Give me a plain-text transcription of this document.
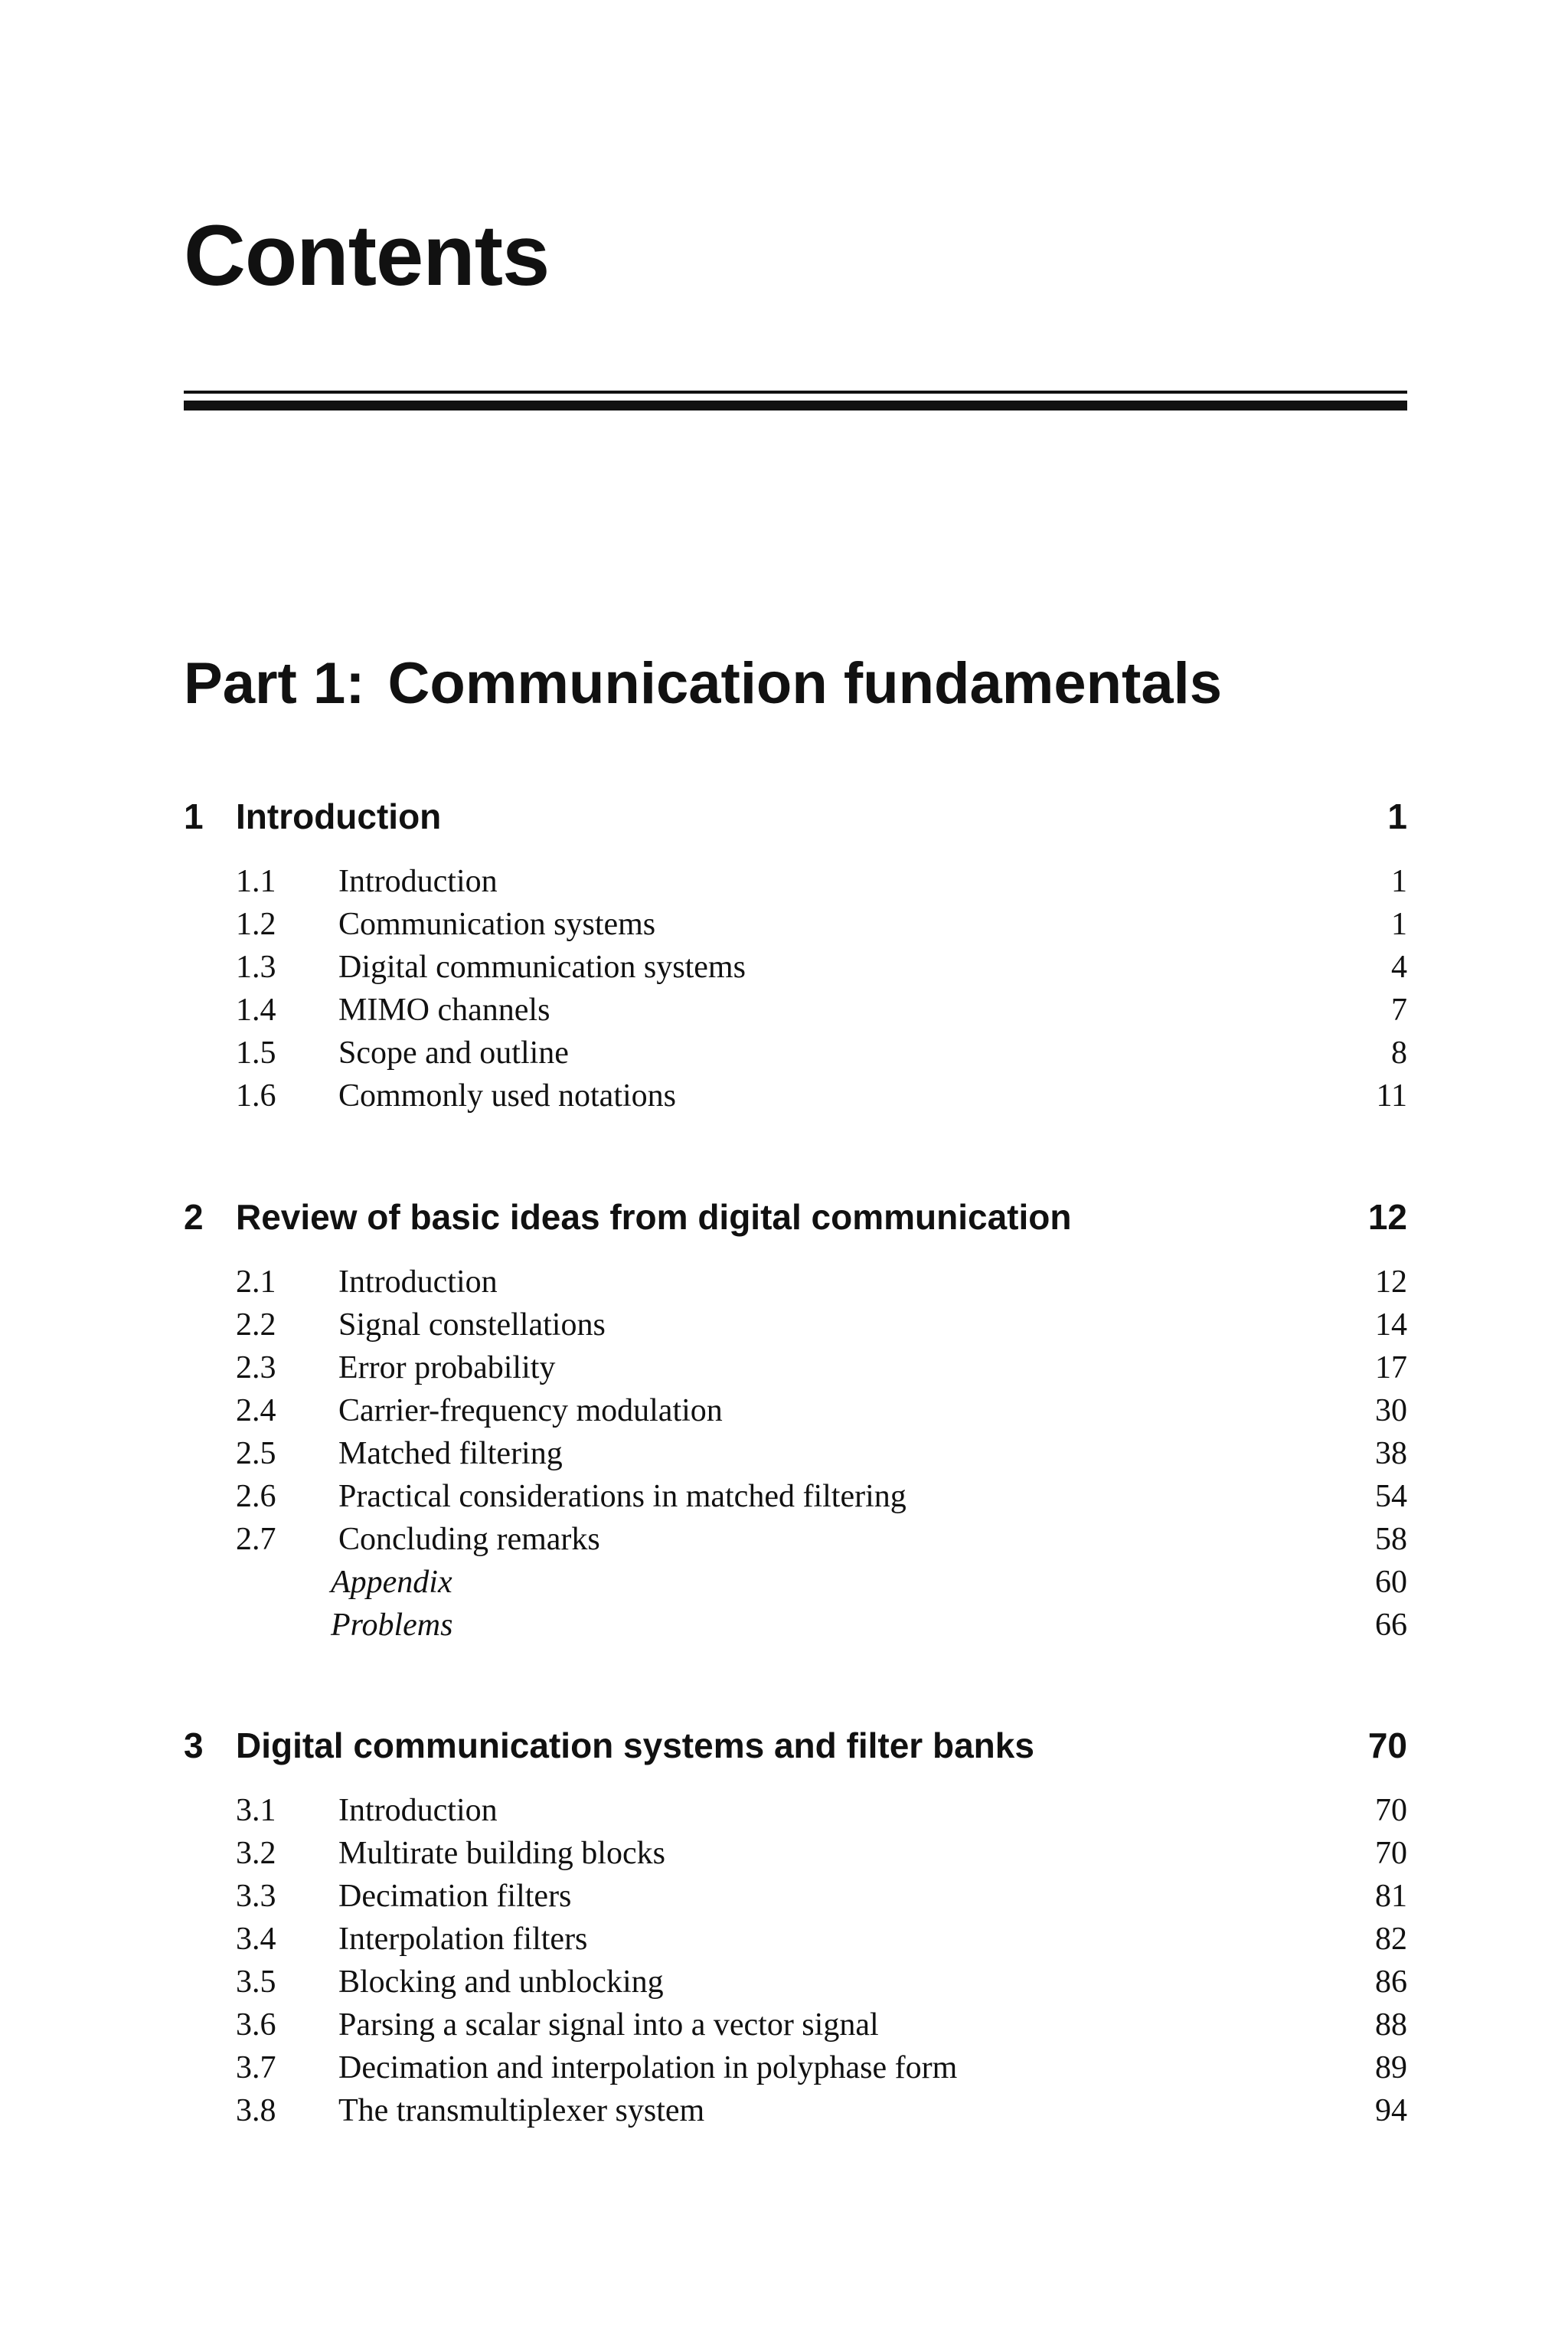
Contents
Part 1: Communication fundamentals
1 Introduction	1
1.1 Introduction	1
1.2 Communication systems	1
1.3 Digital communication systems	4
1.4 MIMO channels	7
1.5 Scope and outline	8
1.6 Commonly used notations	11
2 Review of basic ideas from digital communication	12
2.1 Introduction	12
2.2 Signal constellations	14
2.3 Error probability	17
2.4 Carrier-frequency modulation	30
2.5 Matched filtering	38
2.6 Practical considerations in matched filtering	54
2.7 Concluding remarks	58
Appendix	60
Problems	66
3 Digital communication systems and filter banks	70
3.1 Introduction	70
3.2 Multirate building blocks	70
3.3 Decimation filters	81
3.4 Interpolation filters	82
3.5 Blocking and unblocking	86
3.6 Parsing a scalar signal into a vector signal	88
3.7 Decimation and interpolation in polyphase form	89
3.8 The transmultiplexer system	94
